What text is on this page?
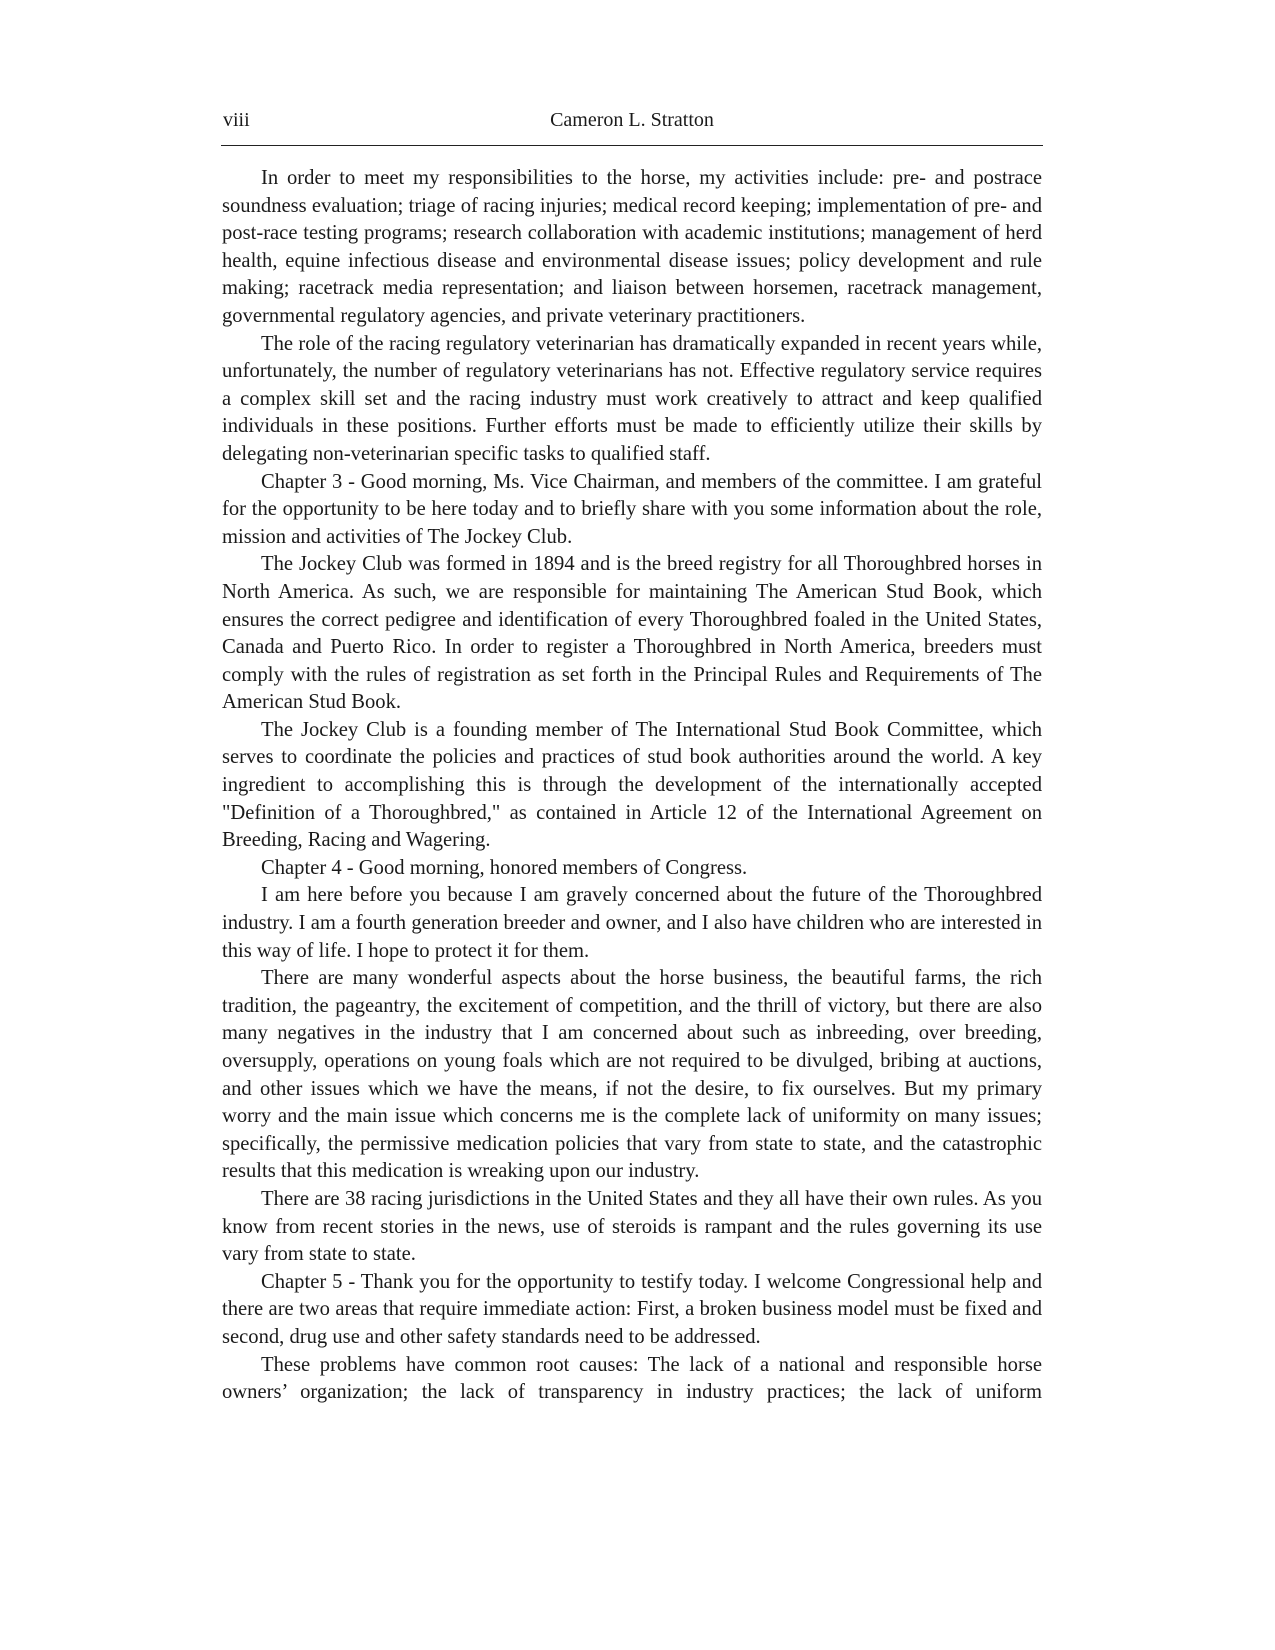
viii	Cameron L. Stratton

In order to meet my responsibilities to the horse, my activities include: pre- and postrace soundness evaluation; triage of racing injuries; medical record keeping; implementation of pre- and post-race testing programs; research collaboration with academic institutions; management of herd health, equine infectious disease and environmental disease issues; policy development and rule making; racetrack media representation; and liaison between horsemen, racetrack management, governmental regulatory agencies, and private veterinary practitioners.

The role of the racing regulatory veterinarian has dramatically expanded in recent years while, unfortunately, the number of regulatory veterinarians has not. Effective regulatory service requires a complex skill set and the racing industry must work creatively to attract and keep qualified individuals in these positions. Further efforts must be made to efficiently utilize their skills by delegating non-veterinarian specific tasks to qualified staff.

Chapter 3 - Good morning, Ms. Vice Chairman, and members of the committee. I am grateful for the opportunity to be here today and to briefly share with you some information about the role, mission and activities of The Jockey Club.

The Jockey Club was formed in 1894 and is the breed registry for all Thoroughbred horses in North America. As such, we are responsible for maintaining The American Stud Book, which ensures the correct pedigree and identification of every Thoroughbred foaled in the United States, Canada and Puerto Rico. In order to register a Thoroughbred in North America, breeders must comply with the rules of registration as set forth in the Principal Rules and Requirements of The American Stud Book.

The Jockey Club is a founding member of The International Stud Book Committee, which serves to coordinate the policies and practices of stud book authorities around the world. A key ingredient to accomplishing this is through the development of the internationally accepted "Definition of a Thoroughbred," as contained in Article 12 of the International Agreement on Breeding, Racing and Wagering.

Chapter 4 - Good morning, honored members of Congress.

I am here before you because I am gravely concerned about the future of the Thoroughbred industry. I am a fourth generation breeder and owner, and I also have children who are interested in this way of life. I hope to protect it for them.

There are many wonderful aspects about the horse business, the beautiful farms, the rich tradition, the pageantry, the excitement of competition, and the thrill of victory, but there are also many negatives in the industry that I am concerned about such as inbreeding, over breeding, oversupply, operations on young foals which are not required to be divulged, bribing at auctions, and other issues which we have the means, if not the desire, to fix ourselves. But my primary worry and the main issue which concerns me is the complete lack of uniformity on many issues; specifically, the permissive medication policies that vary from state to state, and the catastrophic results that this medication is wreaking upon our industry.

There are 38 racing jurisdictions in the United States and they all have their own rules. As you know from recent stories in the news, use of steroids is rampant and the rules governing its use vary from state to state.

Chapter 5 - Thank you for the opportunity to testify today. I welcome Congressional help and there are two areas that require immediate action: First, a broken business model must be fixed and second, drug use and other safety standards need to be addressed.

These problems have common root causes: The lack of a national and responsible horse owners’ organization; the lack of transparency in industry practices; the lack of uniform
